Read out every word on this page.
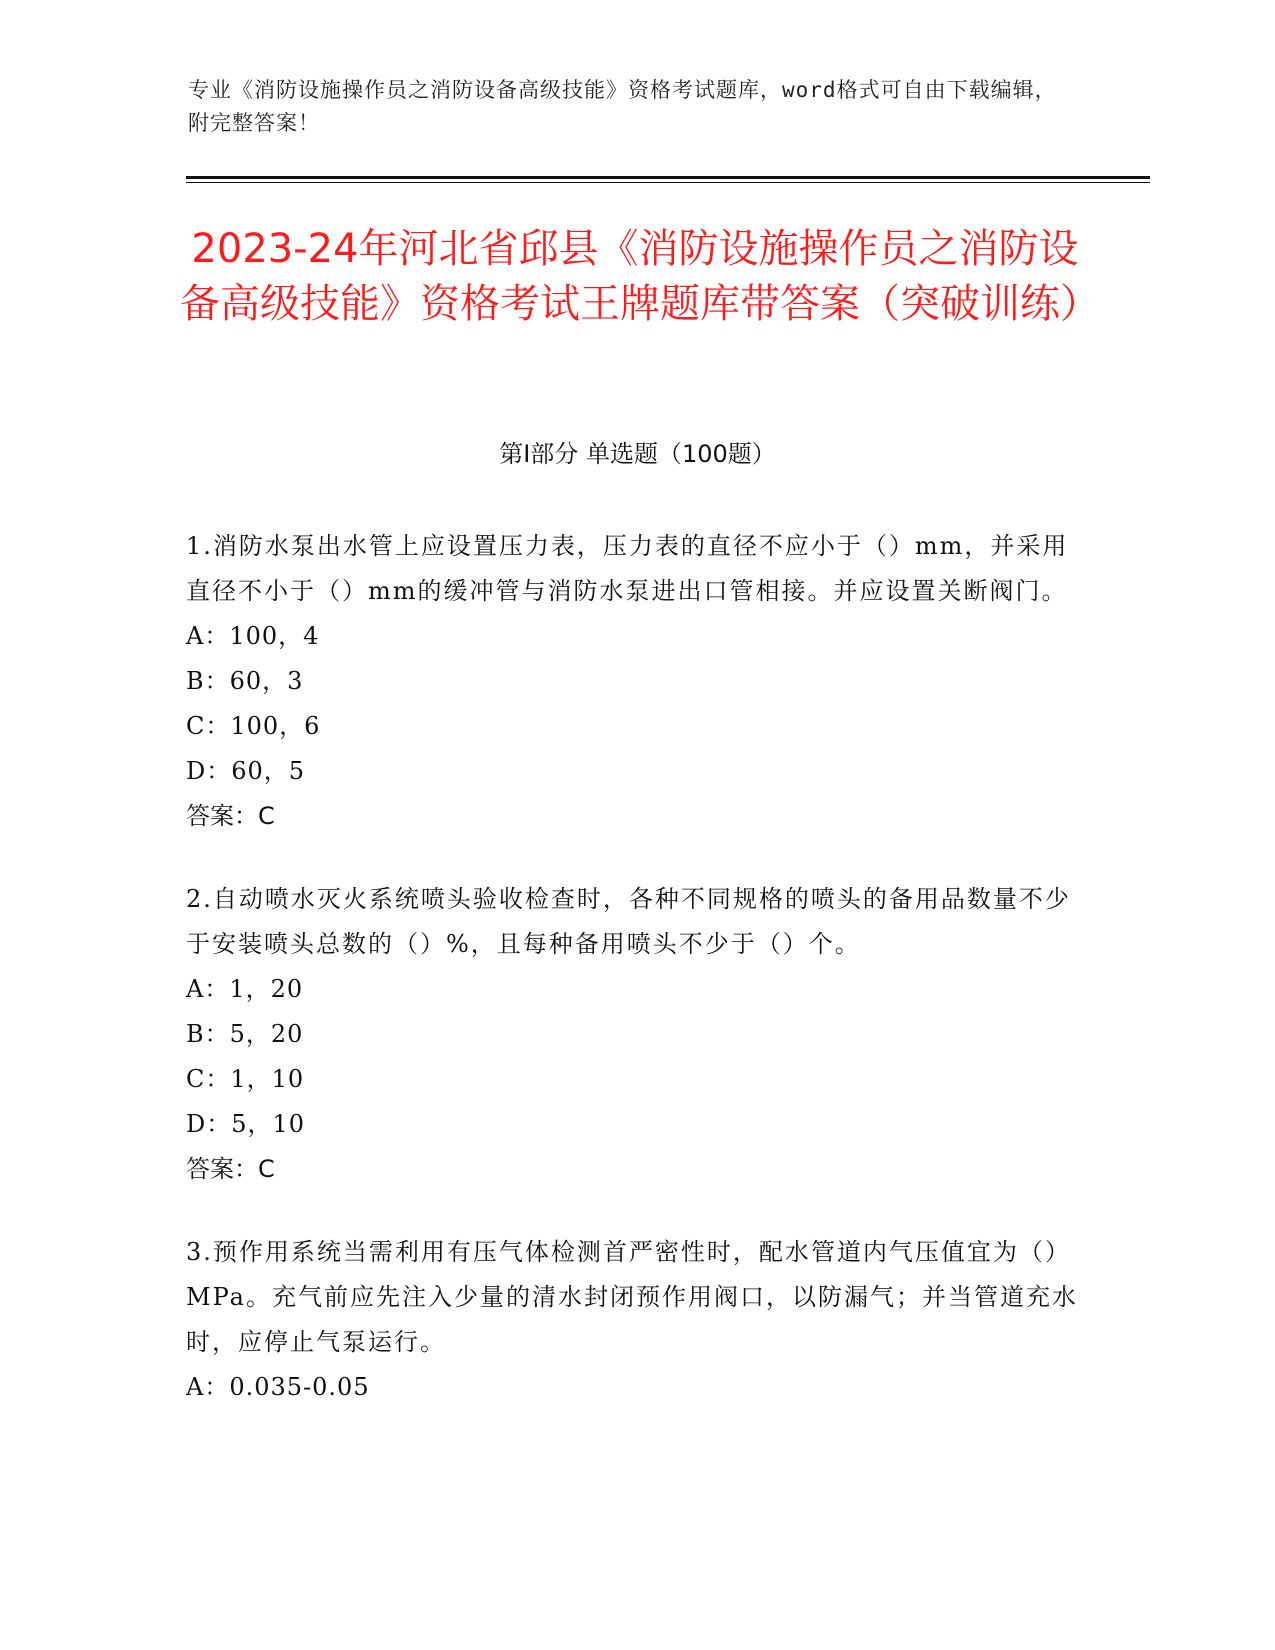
专业《消防设施操作员之消防设备高级技能》资格考试题库，word格式可自由下载编辑，附完整答案！

2023-24年河北省邱县《消防设施操作员之消防设备高级技能》资格考试王牌题库带答案（突破训练）
第Ⅰ部分 单选题（100题）

1.消防水泵出水管上应设置压力表，压力表的直径不应小于（）mm，并采用直径不小于（）mm的缓冲管与消防水泵进出口管相接。并应设置关断阀门。

A：100，4

B：60，3

C：100，6

D：60，5

答案：C

2.自动喷水灭火系统喷头验收检查时，各种不同规格的喷头的备用品数量不少于安装喷头总数的（）%，且每种备用喷头不少于（）个。

A：1，20

B：5，20

C：1，10

D：5，10

答案：C

3.预作用系统当需利用有压气体检测首严密性时，配水管道内气压值宜为（）MPa。充气前应先注入少量的清水封闭预作用阀口，以防漏气；并当管道充水时，应停止气泵运行。

A：0.035-0.05
